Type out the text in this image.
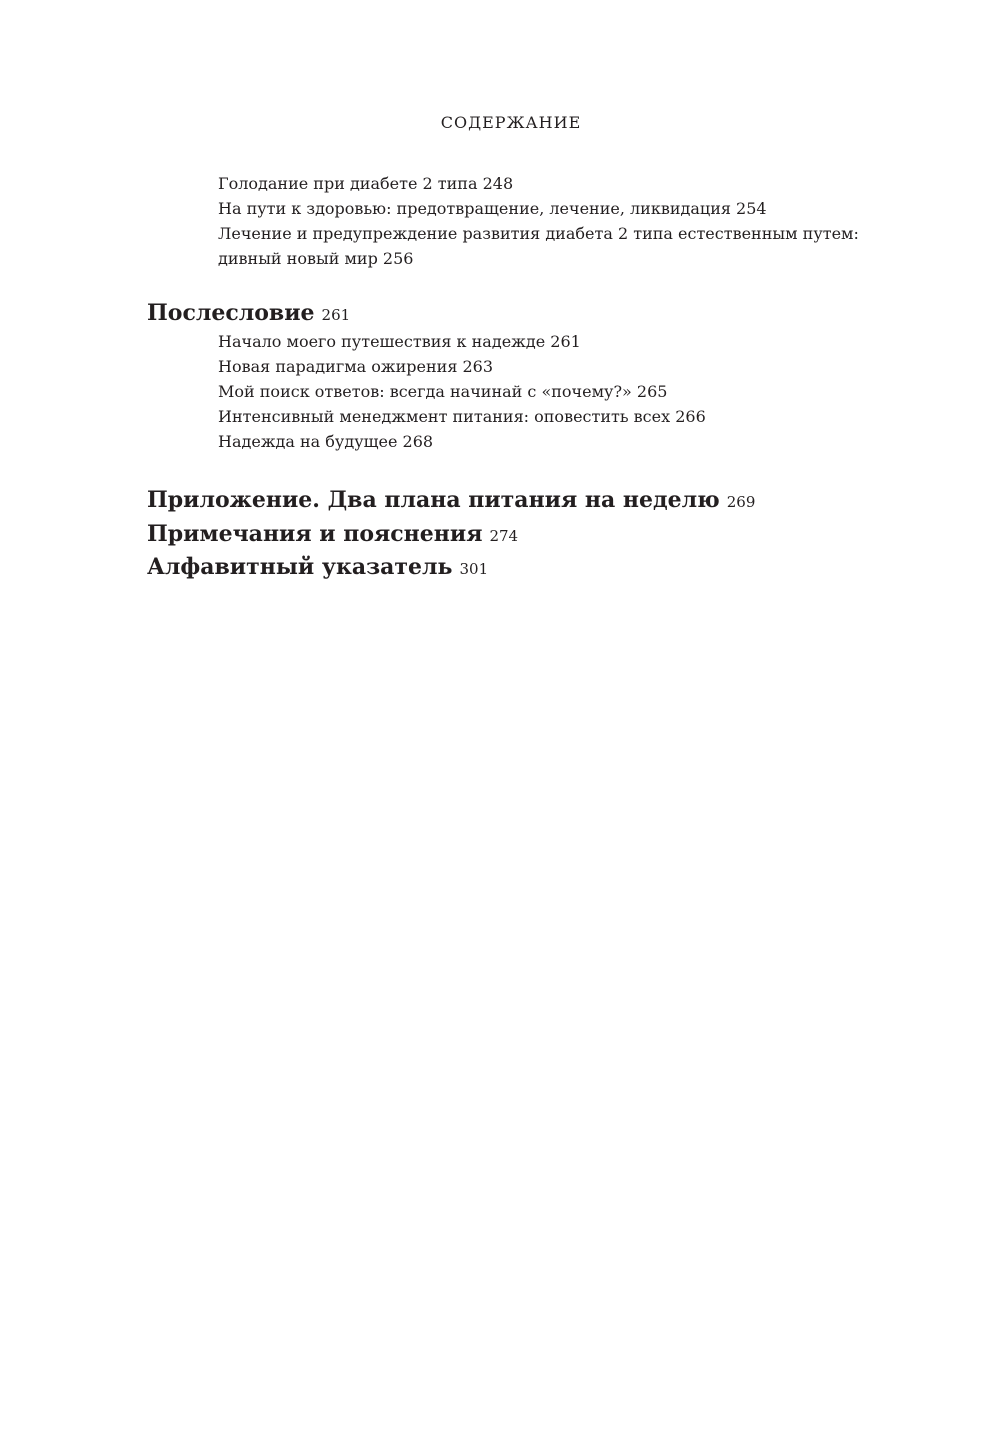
СОДЕРЖАНИЕ
Голодание при диабете 2 типа 248
На пути к здоровью: предотвращение, лечение, ликвидация 254
Лечение и предупреждение развития диабета 2 типа естественным путем:
дивный новый мир 256
Послесловие 261
Начало моего путешествия к надежде 261
Новая парадигма ожирения 263
Мой поиск ответов: всегда начинай с «почему?» 265
Интенсивный менеджмент питания: оповестить всех 266
Надежда на будущее 268
Приложение. Два плана питания на неделю 269
Примечания и пояснения 274
Алфавитный указатель 301
